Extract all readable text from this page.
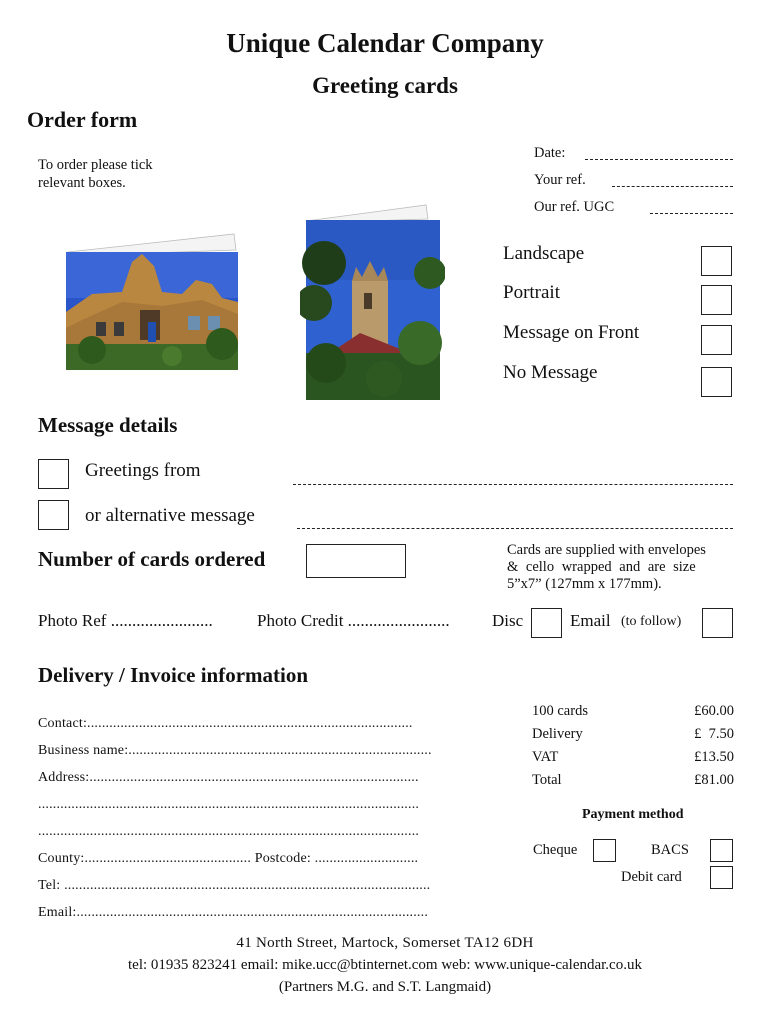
Unique Calendar Company
Greeting cards
Order form
To order please tick
relevant boxes.
Date:
Your ref.
Our ref. UGC
Landscape
Portrait
Message on Front
No Message
Message details
Greetings from
or alternative message
Number of cards ordered	Cards are supplied with envelopes
& cello wrapped and are size
5”x7” (127mm x 177mm).
Photo Ref ........................	Photo Credit ........................ Disc	Email (to follow)
Delivery / Invoice information
Contact:........................................................................................
Business name:..................................................................................
Address:.........................................................................................
.......................................................................................................
.......................................................................................................
County:............................................. Postcode: ............................
Tel: ...................................................................................................
Email:...............................................................................................
100 cards	£60.00
Delivery	£  7.50
VAT	£13.50
Total	£81.00
Payment method
Cheque	BACS
Debit card
41 North Street, Martock, Somerset TA12 6DH
tel: 01935 823241 email: mike.ucc@btinternet.com web: www.unique-calendar.co.uk
(Partners M.G. and S.T. Langmaid)
